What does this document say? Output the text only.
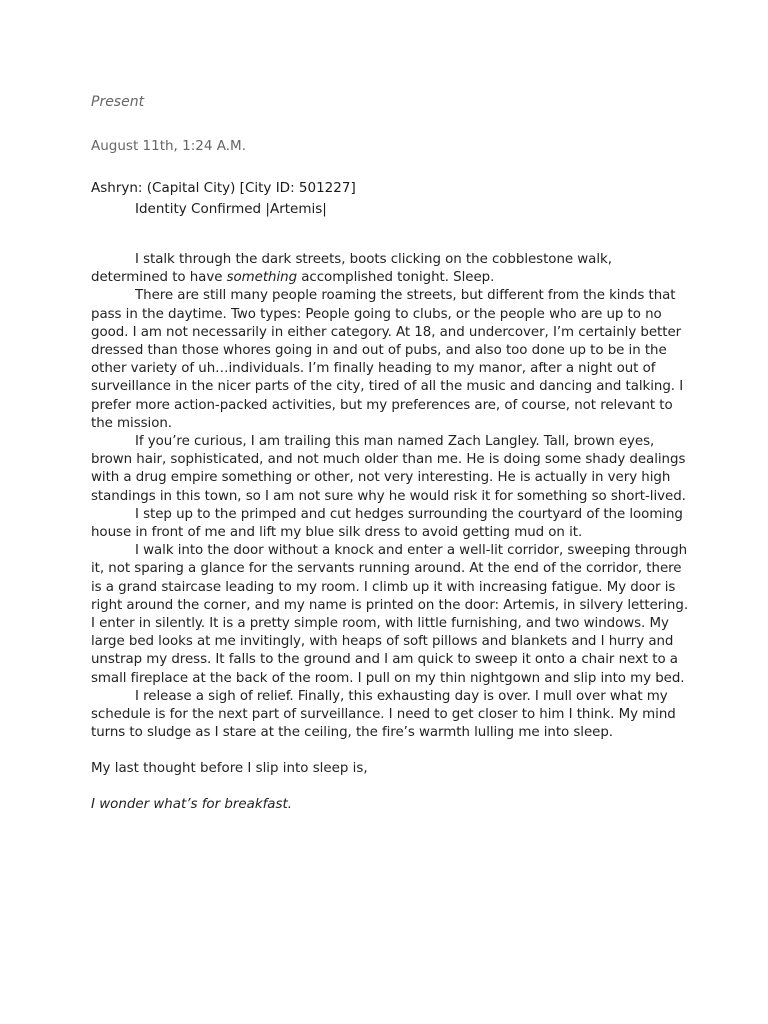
Present

August 11th, 1:24 A.M.

Ashryn: (Capital City) [City ID: 501227]

Identity Confirmed |Artemis|

I stalk through the dark streets, boots clicking on the cobblestone walk, determined to have something accomplished tonight. Sleep.

There are still many people roaming the streets, but different from the kinds that pass in the daytime. Two types: People going to clubs, or the people who are up to no good. I am not necessarily in either category. At 18, and undercover, I’m certainly better dressed than those whores going in and out of pubs, and also too done up to be in the other variety of uh…individuals. I’m finally heading to my manor, after a night out of surveillance in the nicer parts of the city, tired of all the music and dancing and talking. I prefer more action-packed activities, but my preferences are, of course, not relevant to the mission.

If you’re curious, I am trailing this man named Zach Langley. Tall, brown eyes, brown hair, sophisticated, and not much older than me. He is doing some shady dealings with a drug empire something or other, not very interesting. He is actually in very high standings in this town, so I am not sure why he would risk it for something so short-lived.

I step up to the primped and cut hedges surrounding the courtyard of the looming house in front of me and lift my blue silk dress to avoid getting mud on it.

I walk into the door without a knock and enter a well-lit corridor, sweeping through it, not sparing a glance for the servants running around. At the end of the corridor, there is a grand staircase leading to my room. I climb up it with increasing fatigue. My door is right around the corner, and my name is printed on the door: Artemis, in silvery lettering. I enter in silently. It is a pretty simple room, with little furnishing, and two windows. My large bed looks at me invitingly, with heaps of soft pillows and blankets and I hurry and unstrap my dress. It falls to the ground and I am quick to sweep it onto a chair next to a small fireplace at the back of the room. I pull on my thin nightgown and slip into my bed.

I release a sigh of relief. Finally, this exhausting day is over. I mull over what my schedule is for the next part of surveillance. I need to get closer to him I think. My mind turns to sludge as I stare at the ceiling, the fire’s warmth lulling me into sleep.

My last thought before I slip into sleep is,

I wonder what’s for breakfast.
